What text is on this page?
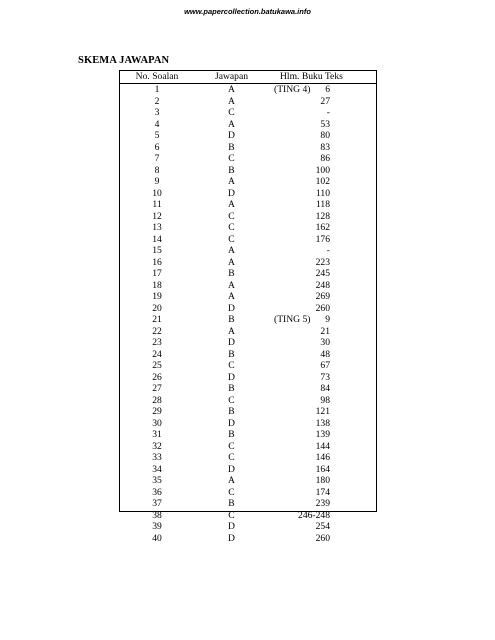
www.papercollection.batukawa.info
SKEMA JAWAPAN
No. Soalan	Jawapan	Hlm. Buku Teks
1	A	(TING 4) 6
2	A	27
3	C	-
4	A	53
5	D	80
6	B	83
7	C	86
8	B	100
9	A	102
10	D	110
11	A	118
12	C	128
13	C	162
14	C	176
15	A	-
16	A	223
17	B	245
18	A	248
19	A	269
20	D	260
21	B	(TING 5) 9
22	A	21
23	D	30
24	B	48
25	C	67
26	D	73
27	B	84
28	C	98
29	B	121
30	D	138
31	B	139
32	C	144
33	C	146
34	D	164
35	A	180
36	C	174
37	B	239
38	C	246-248
39	D	254
40	D	260
